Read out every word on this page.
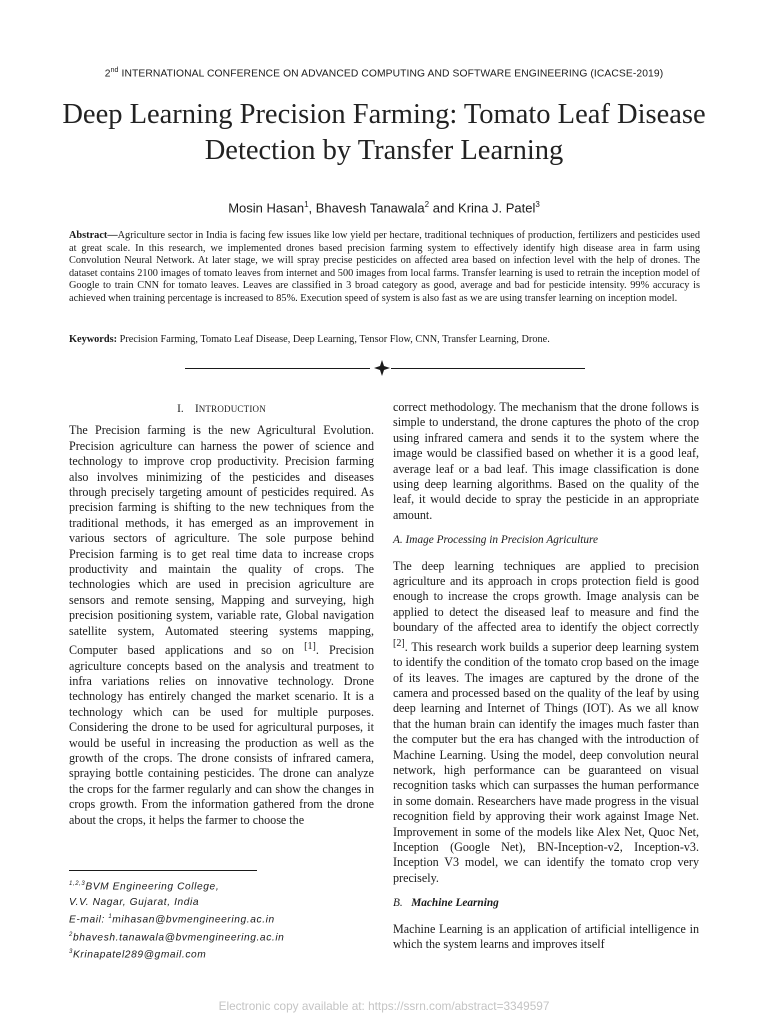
2nd INTERNATIONAL CONFERENCE ON ADVANCED COMPUTING AND SOFTWARE ENGINEERING (ICACSE-2019)
Deep Learning Precision Farming: Tomato Leaf Disease Detection by Transfer Learning
Mosin Hasan$^1$, Bhavesh Tanawala$^2$ and Krina J. Patel$^3$

Abstract—Agriculture sector in India is facing few issues like low yield per hectare, traditional techniques of production, fertilizers and pesticides used at great scale. In this research, we implemented drones based precision farming system to effectively identify high disease area in farm using Convolution Neural Network. At later stage, we will spray precise pesticides on affected area based on infection level with the help of drones. The dataset contains 2100 images of tomato leaves from internet and 500 images from local farms. Transfer learning is used to retrain the inception model of Google to train CNN for tomato leaves. Leaves are classified in 3 broad category as good, average and bad for pesticide intensity. 99% accuracy is achieved when training percentage is increased to 85%. Execution speed of system is also fast as we are using transfer learning on inception model.

Keywords: Precision Farming, Tomato Leaf Disease, Deep Learning, Tensor Flow, CNN, Transfer Learning, Drone.

I. INTRODUCTION

The Precision farming is the new Agricultural Evolution. Precision agriculture can harness the power of science and technology to improve crop productivity. Precision farming also involves minimizing of the pesticides and diseases through precisely targeting amount of pesticides required. As precision farming is shifting to the new techniques from the traditional methods, it has emerged as an improvement in various sectors of agriculture. The sole purpose behind Precision farming is to get real time data to increase crops productivity and maintain the quality of crops. The technologies which are used in precision agriculture are sensors and remote sensing, Mapping and surveying, high precision positioning system, variable rate, Global navigation satellite system, Automated steering systems mapping, Computer based applications and so on [1]. Precision agriculture concepts based on the analysis and treatment to infra variations relies on innovative technology. Drone technology has entirely changed the market scenario. It is a technology which can be used for multiple purposes. Considering the drone to be used for agricultural purposes, it would be useful in increasing the production as well as the growth of the crops. The drone consists of infrared camera, spraying bottle containing pesticides. The drone can analyze the crops for the farmer regularly and can show the changes in crops growth. From the information gathered from the drone about the crops, it helps the farmer to choose the

correct methodology. The mechanism that the drone follows is simple to understand, the drone captures the photo of the crop using infrared camera and sends it to the system where the image would be classified based on whether it is a good leaf, average leaf or a bad leaf. This image classification is done using deep learning algorithms. Based on the quality of the leaf, it would decide to spray the pesticide in an appropriate amount.

A. Image Processing in Precision Agriculture

The deep learning techniques are applied to precision agriculture and its approach in crops protection field is good enough to increase the crops growth. Image analysis can be applied to detect the diseased leaf to measure and find the boundary of the affected area to identify the object correctly [2]. This research work builds a superior deep learning system to identify the condition of the tomato crop based on the image of its leaves. The images are captured by the drone of the camera and processed based on the quality of the leaf by using deep learning and Internet of Things (IOT). As we all know that the human brain can identify the images much faster than the computer but the era has changed with the introduction of Machine Learning. Using the model, deep convolution neural network, high performance can be guaranteed on visual recognition tasks which can surpasses the human performance in some domain. Researchers have made progress in the visual recognition field by approving their work against Image Net. Improvement in some of the models like Alex Net, Quoc Net, Inception (Google Net), BN-Inception-v2, Inception-v3. Inception V3 model, we can identify the tomato crop very precisely.

B. Machine Learning

Machine Learning is an application of artificial intelligence in which the system learns and improves itself

$^{1,2,3}$BVM Engineering College,
V.V. Nagar, Gujarat, India
E-mail: $^1$mihasan@bvmengineering.ac.in
$^2$bhavesh.tanawala@bvmengineering.ac.in
$^3$Krinapatel289@gmail.com
Electronic copy available at: https://ssrn.com/abstract=3349597
